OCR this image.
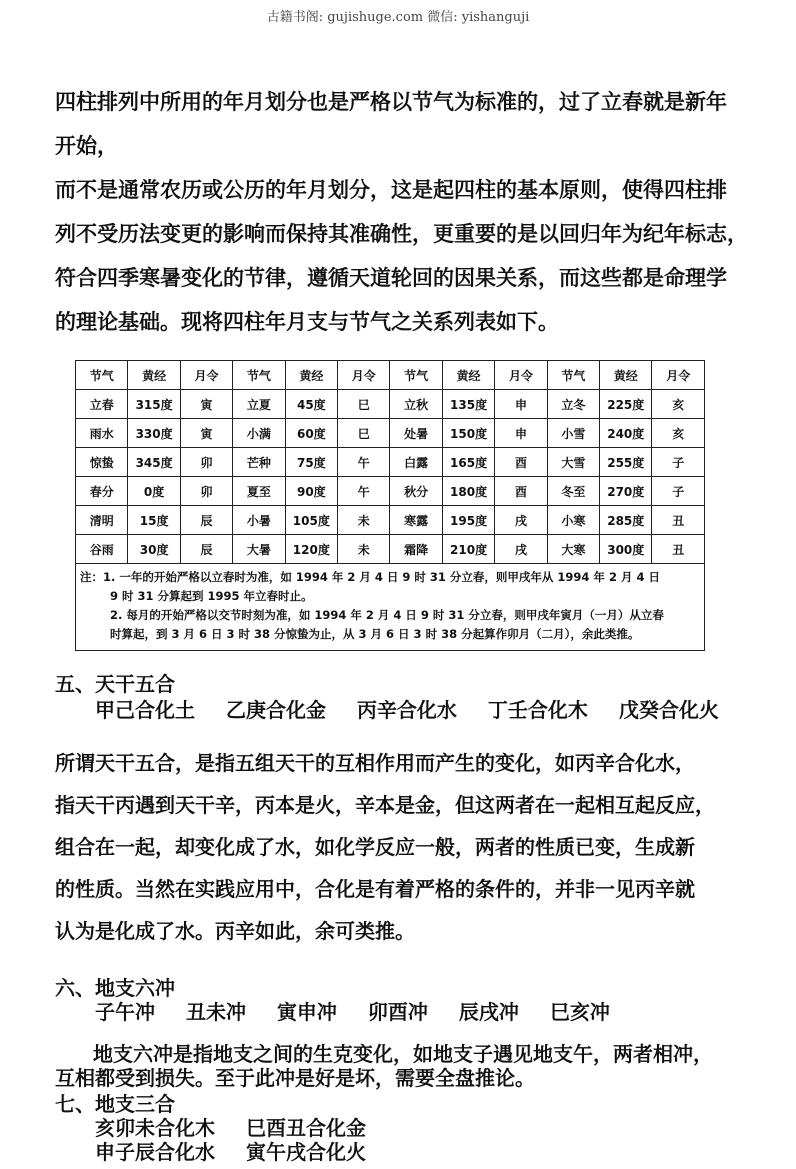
古籍书阁: gujishuge.com 微信: yishanguji
四柱排列中所用的年月划分也是严格以节气为标准的，过了立春就是新年
开始，
而不是通常农历或公历的年月划分，这是起四柱的基本原则，使得四柱排
列不受历法变更的影响而保持其准确性，更重要的是以回归年为纪年标志，
符合四季寒暑变化的节律，遵循天道轮回的因果关系，而这些都是命理学
的理论基础。现将四柱年月支与节气之关系列表如下。
节气	黄经	月令	节气	黄经	月令	节气	黄经	月令	节气	黄经	月令
立春	315度	寅	立夏	45度	巳	立秋	135度	申	立冬	225度	亥
雨水	330度	寅	小满	60度	巳	处暑	150度	申	小雪	240度	亥
惊蛰	345度	卯	芒种	75度	午	白露	165度	酉	大雪	255度	子
春分	0度	卯	夏至	90度	午	秋分	180度	酉	冬至	270度	子
清明	15度	辰	小暑	105度	未	寒露	195度	戌	小寒	285度	丑
谷雨	30度	辰	大暑	120度	未	霜降	210度	戌	大寒	300度	丑
注：1. 一年的开始严格以立春时为准，如 1994 年 2 月 4 日 9 时 31 分立春，则甲戌年从 1994 年 2 月 4 日
9 时 31 分算起到 1995 年立春时止。
2. 每月的开始严格以交节时刻为准，如 1994 年 2 月 4 日 9 时 31 分立春，则甲戌年寅月（一月）从立春
时算起，到 3 月 6 日 3 时 38 分惊蛰为止，从 3 月 6 日 3 时 38 分起算作卯月（二月），余此类推。
五、天干五合
甲己合化土 乙庚合化金 丙辛合化水 丁壬合化木 戊癸合化火
所谓天干五合，是指五组天干的互相作用而产生的变化，如丙辛合化水，
指天干丙遇到天干辛，丙本是火，辛本是金，但这两者在一起相互起反应，
组合在一起，却变化成了水，如化学反应一般，两者的性质已变，生成新
的性质。当然在实践应用中，合化是有着严格的条件的，并非一见丙辛就
认为是化成了水。丙辛如此，余可类推。
六、地支六冲
子午冲 丑未冲 寅申冲 卯酉冲 辰戌冲 巳亥冲
地支六冲是指地支之间的生克变化，如地支子遇见地支午，两者相冲，
互相都受到损失。至于此冲是好是坏，需要全盘推论。
七、地支三合
亥卯未合化木 巳酉丑合化金
申子辰合化水 寅午戌合化火
